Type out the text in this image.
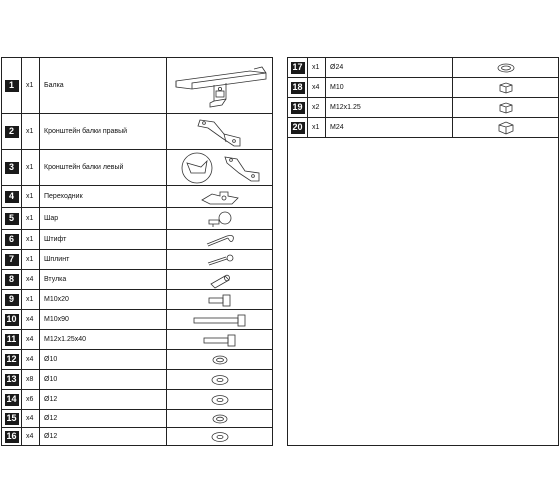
1	x1	Балка
2	x1	Кронштейн балки правый
3	x1	Кронштейн балки левый
4	x1	Переходник
5	x1	Шар
6	x1	Штифт
7	x1	Шплинт
8	x4	Втулка
9	x1	M10x20
10	x4	M10x90
11	x4	M12x1.25x40
12	x4	Ø10
13	x8	Ø10
14	x6	Ø12
15	x4	Ø12
16	x4	Ø12
17	x1	Ø24
18	x4	M10
19	x2	M12x1.25
20	x1	M24
